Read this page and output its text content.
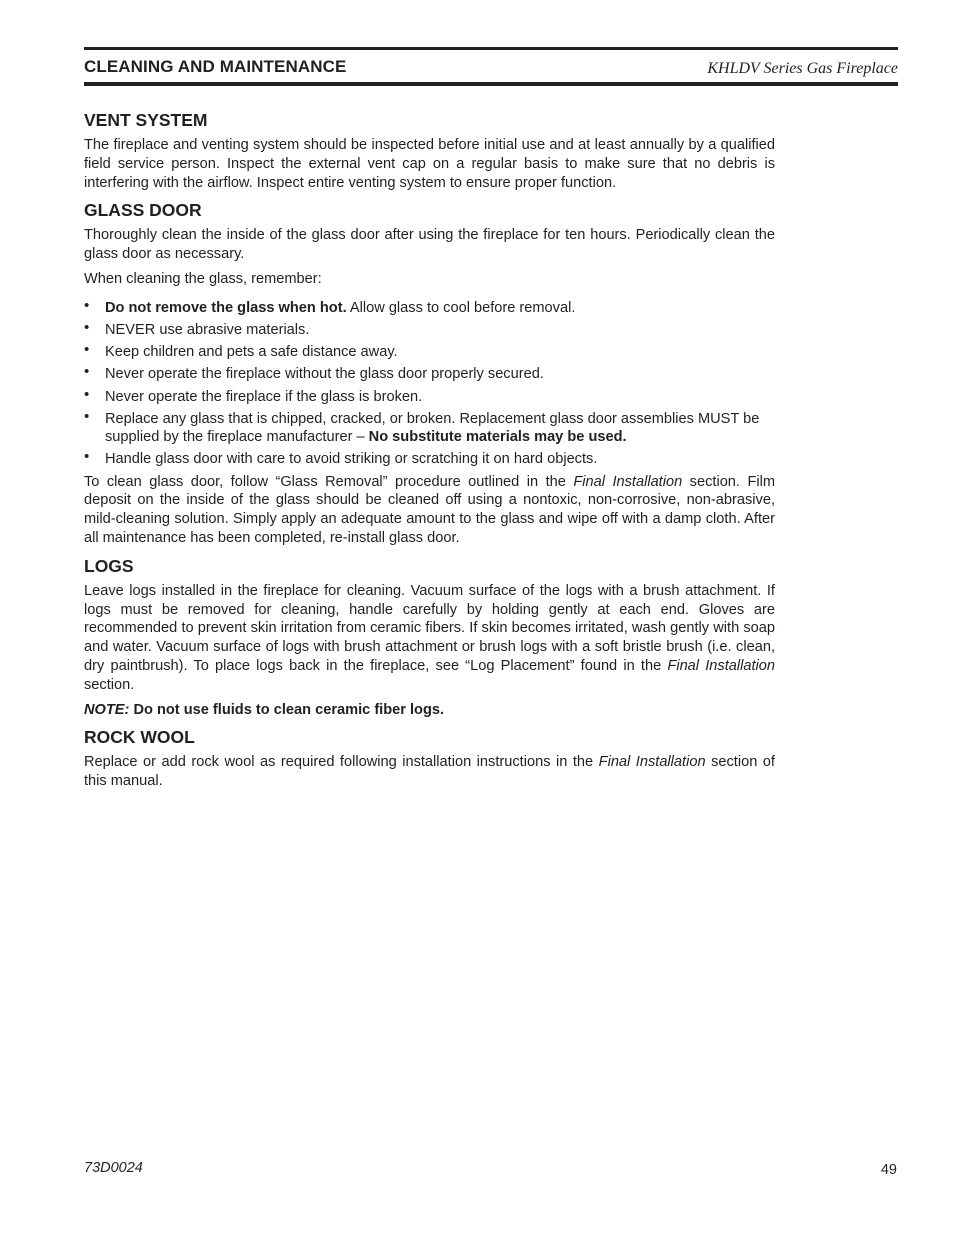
CLEANING AND MAINTENANCE	KHLDV Series Gas Fireplace
VENT SYSTEM

The fireplace and venting system should be inspected before initial use and at least annually by a qualified field service person. Inspect the external vent cap on a regular basis to make sure that no debris is interfering with the airflow. Inspect entire venting system to ensure proper function.

GLASS DOOR

Thoroughly clean the inside of the glass door after using the fireplace for ten hours. Periodically clean the glass door as necessary.

When cleaning the glass, remember:

• Do not remove the glass when hot. Allow glass to cool before removal.
• NEVER use abrasive materials.
• Keep children and pets a safe distance away.
• Never operate the fireplace without the glass door properly secured.
• Never operate the fireplace if the glass is broken.
• Replace any glass that is chipped, cracked, or broken. Replacement glass door assemblies MUST be supplied by the fireplace manufacturer – No substitute materials may be used.
• Handle glass door with care to avoid striking or scratching it on hard objects.

To clean glass door, follow “Glass Removal” procedure outlined in the Final Installation section. Film deposit on the inside of the glass should be cleaned off using a nontoxic, non-corrosive, non-abrasive, mild-cleaning solution. Simply apply an adequate amount to the glass and wipe off with a damp cloth. After all maintenance has been completed, re-install glass door.

LOGS

Leave logs installed in the fireplace for cleaning. Vacuum surface of the logs with a brush attachment. If logs must be removed for cleaning, handle carefully by holding gently at each end. Gloves are recommended to prevent skin irritation from ceramic fibers. If skin becomes irritated, wash gently with soap and water. Vacuum surface of logs with brush attachment or brush logs with a soft bristle brush (i.e. clean, dry paintbrush). To place logs back in the fireplace, see “Log Placement” found in the Final Installation section.

NOTE: Do not use fluids to clean ceramic fiber logs.

ROCK WOOL

Replace or add rock wool as required following installation instructions in the Final Installation section of this manual.

73D0024	49
